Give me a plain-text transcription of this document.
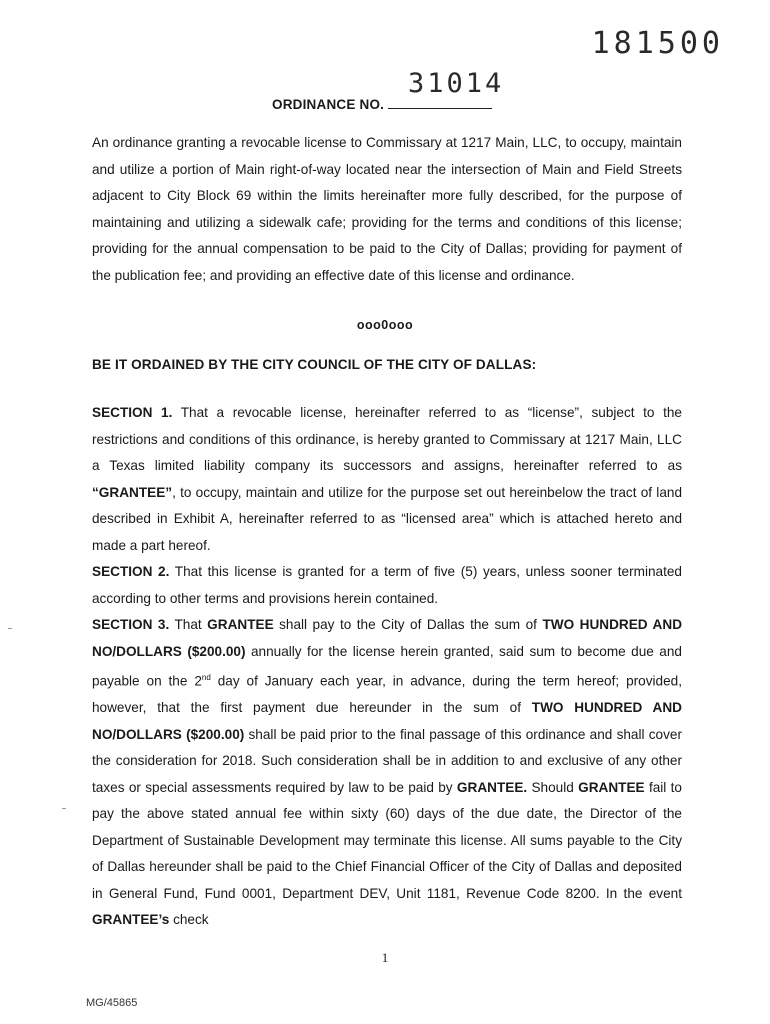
181500
31014
ORDINANCE NO.

An ordinance granting a revocable license to Commissary at 1217 Main, LLC, to occupy, maintain and utilize a portion of Main right-of-way located near the intersection of Main and Field Streets adjacent to City Block 69 within the limits hereinafter more fully described, for the purpose of maintaining and utilizing a sidewalk cafe; providing for the terms and conditions of this license; providing for the annual compensation to be paid to the City of Dallas; providing for payment of the publication fee; and providing an effective date of this license and ordinance.

ooo0ooo
BE IT ORDAINED BY THE CITY COUNCIL OF THE CITY OF DALLAS:

SECTION 1. That a revocable license, hereinafter referred to as “license”, subject to the restrictions and conditions of this ordinance, is hereby granted to Commissary at 1217 Main, LLC a Texas limited liability company its successors and assigns, hereinafter referred to as “GRANTEE”, to occupy, maintain and utilize for the purpose set out hereinbelow the tract of land described in Exhibit A, hereinafter referred to as “licensed area” which is attached hereto and made a part hereof.

SECTION 2. That this license is granted for a term of five (5) years, unless sooner terminated according to other terms and provisions herein contained.

SECTION 3. That GRANTEE shall pay to the City of Dallas the sum of TWO HUNDRED AND NO/DOLLARS ($200.00) annually for the license herein granted, said sum to become due and payable on the 2nd day of January each year, in advance, during the term hereof; provided, however, that the first payment due hereunder in the sum of TWO HUNDRED AND NO/DOLLARS ($200.00) shall be paid prior to the final passage of this ordinance and shall cover the consideration for 2018. Such consideration shall be in addition to and exclusive of any other taxes or special assessments required by law to be paid by GRANTEE. Should GRANTEE fail to pay the above stated annual fee within sixty (60) days of the due date, the Director of the Department of Sustainable Development may terminate this license. All sums payable to the City of Dallas hereunder shall be paid to the Chief Financial Officer of the City of Dallas and deposited in General Fund, Fund 0001, Department DEV, Unit 1181, Revenue Code 8200. In the event GRANTEE’s check

1
MG/45865
